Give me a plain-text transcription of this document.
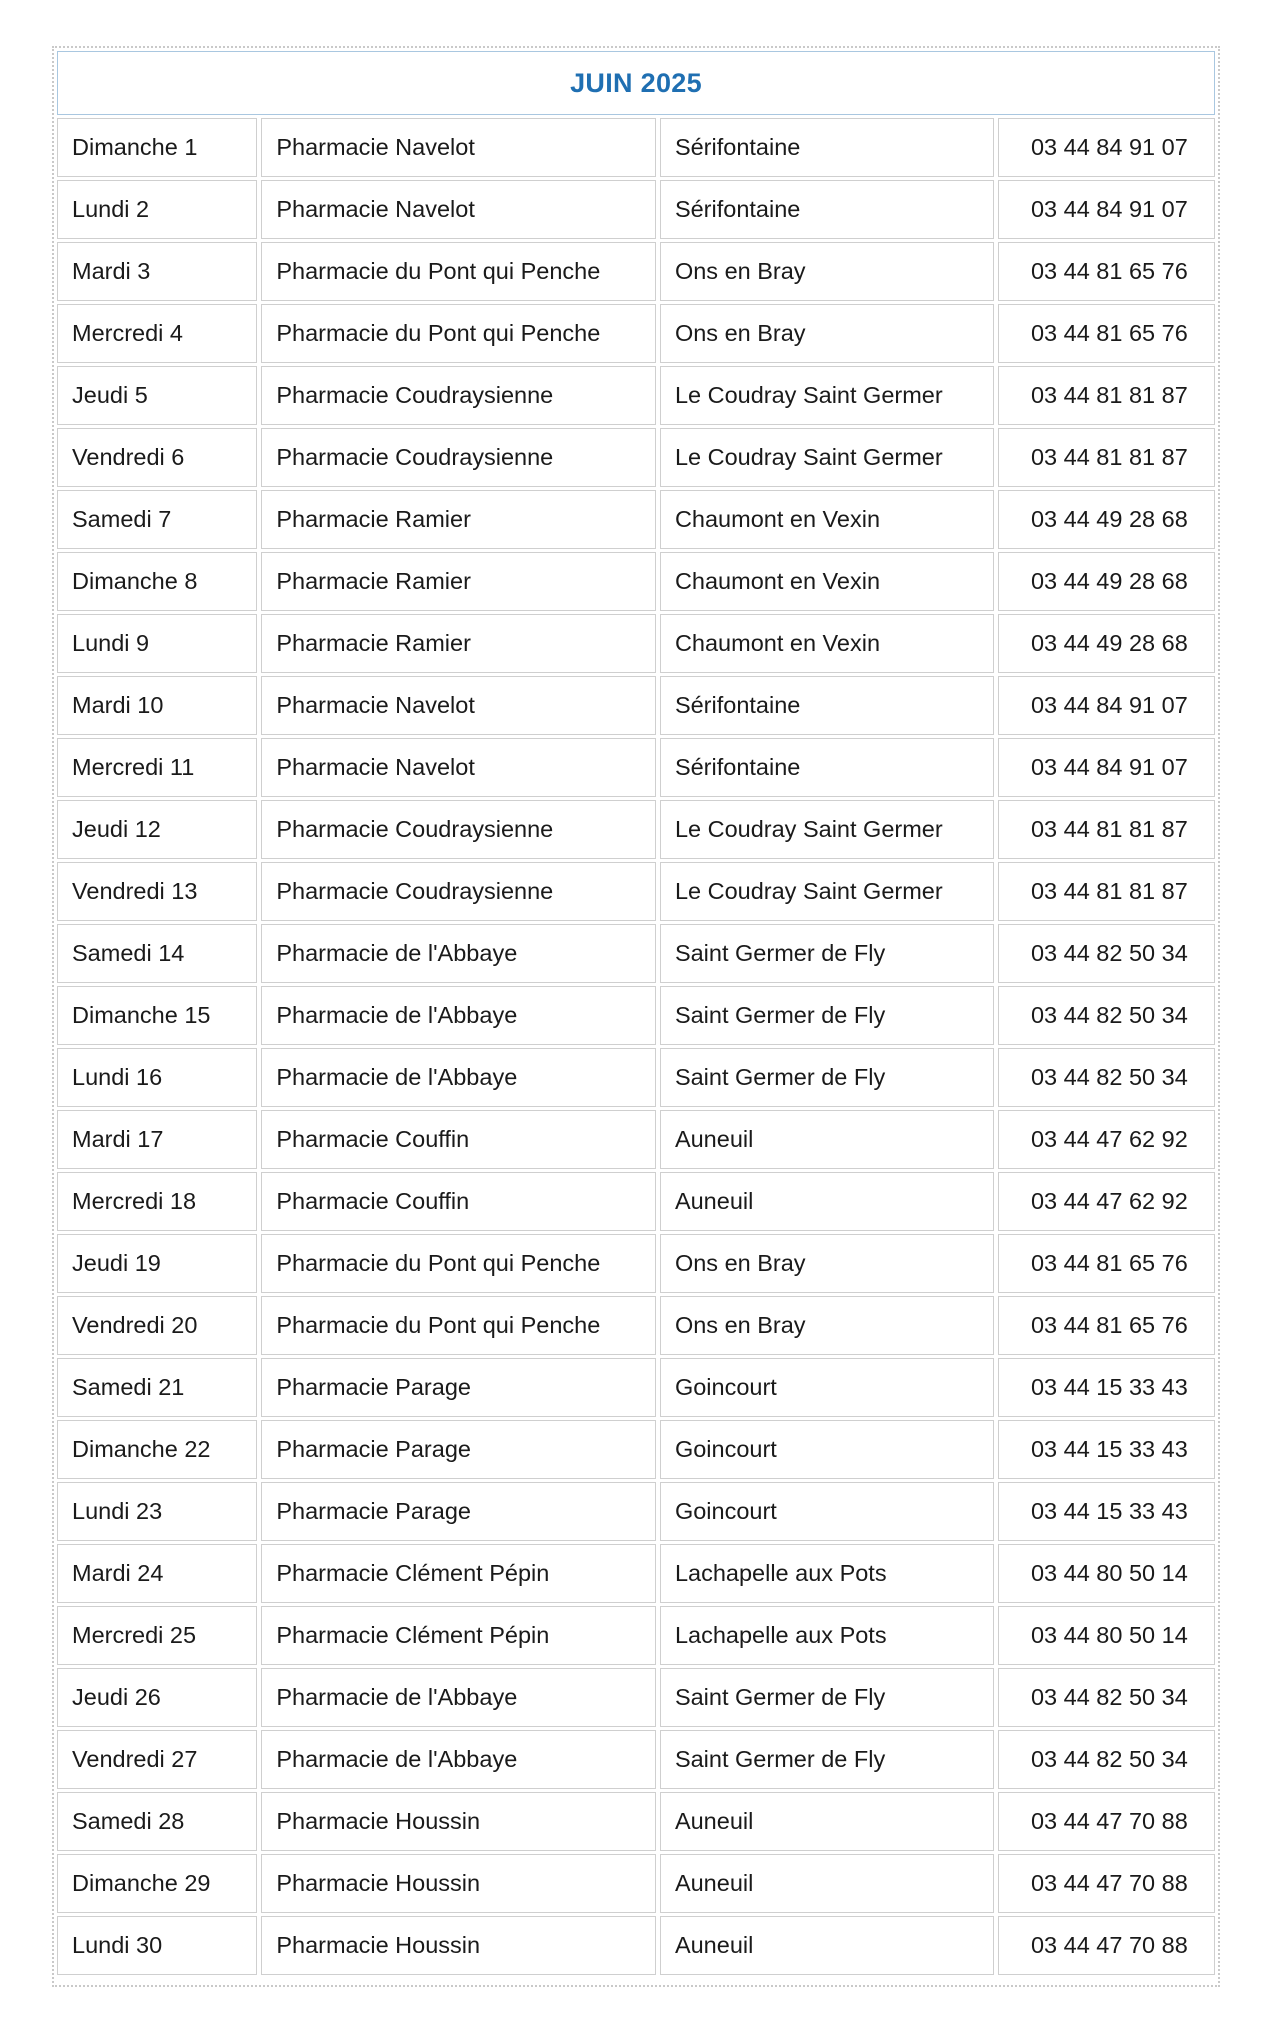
JUIN 2025
Dimanche 1	Pharmacie Navelot	Sérifontaine	03 44 84 91 07
Lundi 2	Pharmacie Navelot	Sérifontaine	03 44 84 91 07
Mardi 3	Pharmacie du Pont qui Penche	Ons en Bray	03 44 81 65 76
Mercredi 4	Pharmacie du Pont qui Penche	Ons en Bray	03 44 81 65 76
Jeudi 5	Pharmacie Coudraysienne	Le Coudray Saint Germer	03 44 81 81 87
Vendredi 6	Pharmacie Coudraysienne	Le Coudray Saint Germer	03 44 81 81 87
Samedi 7	Pharmacie Ramier	Chaumont en Vexin	03 44 49 28 68
Dimanche 8	Pharmacie Ramier	Chaumont en Vexin	03 44 49 28 68
Lundi 9	Pharmacie Ramier	Chaumont en Vexin	03 44 49 28 68
Mardi 10	Pharmacie Navelot	Sérifontaine	03 44 84 91 07
Mercredi 11	Pharmacie Navelot	Sérifontaine	03 44 84 91 07
Jeudi 12	Pharmacie Coudraysienne	Le Coudray Saint Germer	03 44 81 81 87
Vendredi 13	Pharmacie Coudraysienne	Le Coudray Saint Germer	03 44 81 81 87
Samedi 14	Pharmacie de l'Abbaye	Saint Germer de Fly	03 44 82 50 34
Dimanche 15	Pharmacie de l'Abbaye	Saint Germer de Fly	03 44 82 50 34
Lundi 16	Pharmacie de l'Abbaye	Saint Germer de Fly	03 44 82 50 34
Mardi 17	Pharmacie Couffin	Auneuil	03 44 47 62 92
Mercredi 18	Pharmacie Couffin	Auneuil	03 44 47 62 92
Jeudi 19	Pharmacie du Pont qui Penche	Ons en Bray	03 44 81 65 76
Vendredi 20	Pharmacie du Pont qui Penche	Ons en Bray	03 44 81 65 76
Samedi 21	Pharmacie Parage	Goincourt	03 44 15 33 43
Dimanche 22	Pharmacie Parage	Goincourt	03 44 15 33 43
Lundi 23	Pharmacie Parage	Goincourt	03 44 15 33 43
Mardi 24	Pharmacie Clément Pépin	Lachapelle aux Pots	03 44 80 50 14
Mercredi 25	Pharmacie Clément Pépin	Lachapelle aux Pots	03 44 80 50 14
Jeudi 26	Pharmacie de l'Abbaye	Saint Germer de Fly	03 44 82 50 34
Vendredi 27	Pharmacie de l'Abbaye	Saint Germer de Fly	03 44 82 50 34
Samedi 28	Pharmacie Houssin	Auneuil	03 44 47 70 88
Dimanche 29	Pharmacie Houssin	Auneuil	03 44 47 70 88
Lundi 30	Pharmacie Houssin	Auneuil	03 44 47 70 88
